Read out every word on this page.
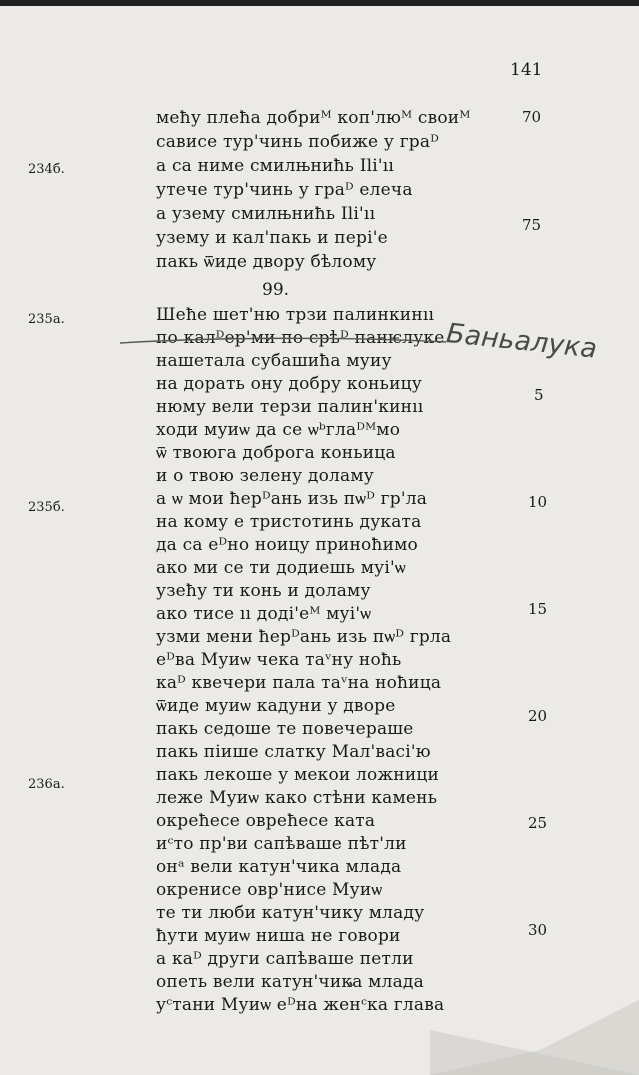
141
меħу плеħа добриᴹ коп'люᴹ своиᴹ
сависе тур'чинь побиже у граᴰ
а са ниме смилњниħь Ili'ıı
утече тур'чинь у граᴰ елеча
а узему смилњниħь Ili'ıı
узему и кал'пакь и пері'е
пакь ѿиде двору бѣлому
70
75
234б.
99.
235а.
235б.
236а.
Шеħе шет'ню трзи палинкинıı
по калᴰер'ми по срѣᴰ панѥлуке
нашетала субашиħа муиу
на дорать ону добру коньицу
нюму вели терзи палин'кинıı
ходи муиѡ да се ѡᵇглаᴰᴹмо
ѿ твоюга доброга коньица
и о твою зелену доламу
а ѡ мои ħерᴰань изь пѡᴰ гр'ла
на кому е тристотинь дуката
да са еᴰно ноицу приноħимо
ако ми се ти додиешь муі'ѡ
узеħу ти конь и доламу
ако тисе ıı доді'еᴹ муі'ѡ
узми мени ħерᴰань изь пѡᴰ грла
еᴰва Муиѡ чека таᵛну ноħь
каᴰ квечери пала таᵛна ноħица
ѿиде муиѡ кадуни у дворе
пакь седоше те повечераше
пакь піише слатку Мал'васі'ю
пакь лекоше у мекои ложници
леже Муиѡ како стѣни камень
окреħесе овреħесе ката
иᶜто пр'ви сапѣваше пѣт'ли
онᵃ вели катун'чика млада
окренисе овр'нисе Муиѡ
те ти люби катун'чику младу
ħути муиѡ ниша не говори
а каᴰ други сапѣваше петли
опеть вели катун'чика млада
уᶜтани Муиѡ еᴰна женᶜка глава
5
10
15
20
25
30
Баньалука
